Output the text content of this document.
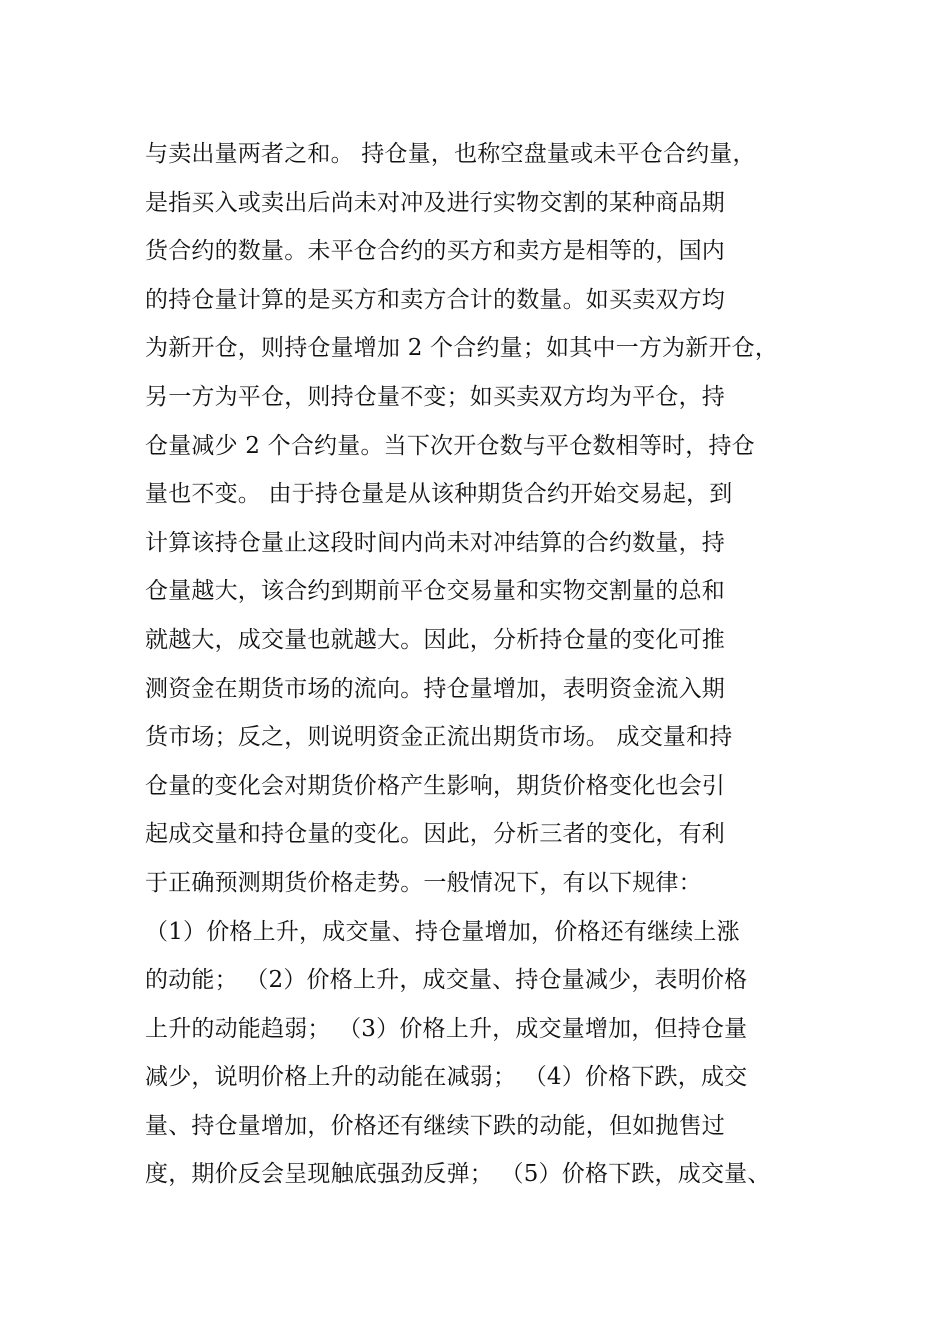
与卖出量两者之和。 持仓量，也称空盘量或未平仓合约量，
是指买入或卖出后尚未对冲及进行实物交割的某种商品期
货合约的数量。未平仓合约的买方和卖方是相等的，国内
的持仓量计算的是买方和卖方合计的数量。如买卖双方均
为新开仓，则持仓量增加 2 个合约量；如其中一方为新开仓，
另一方为平仓，则持仓量不变；如买卖双方均为平仓，持
仓量减少 2 个合约量。当下次开仓数与平仓数相等时，持仓
量也不变。 由于持仓量是从该种期货合约开始交易起，到
计算该持仓量止这段时间内尚未对冲结算的合约数量，持
仓量越大，该合约到期前平仓交易量和实物交割量的总和
就越大，成交量也就越大。因此，分析持仓量的变化可推
测资金在期货市场的流向。持仓量增加，表明资金流入期
货市场；反之，则说明资金正流出期货市场。 成交量和持
仓量的变化会对期货价格产生影响，期货价格变化也会引
起成交量和持仓量的变化。因此，分析三者的变化，有利
于正确预测期货价格走势。一般情况下，有以下规律：
（1）价格上升，成交量、持仓量增加，价格还有继续上涨
的动能； （2）价格上升，成交量、持仓量减少，表明价格
上升的动能趋弱； （3）价格上升，成交量增加，但持仓量
减少，说明价格上升的动能在减弱； （4）价格下跌，成交
量、持仓量增加，价格还有继续下跌的动能，但如抛售过
度，期价反会呈现触底强劲反弹； （5）价格下跌，成交量、
